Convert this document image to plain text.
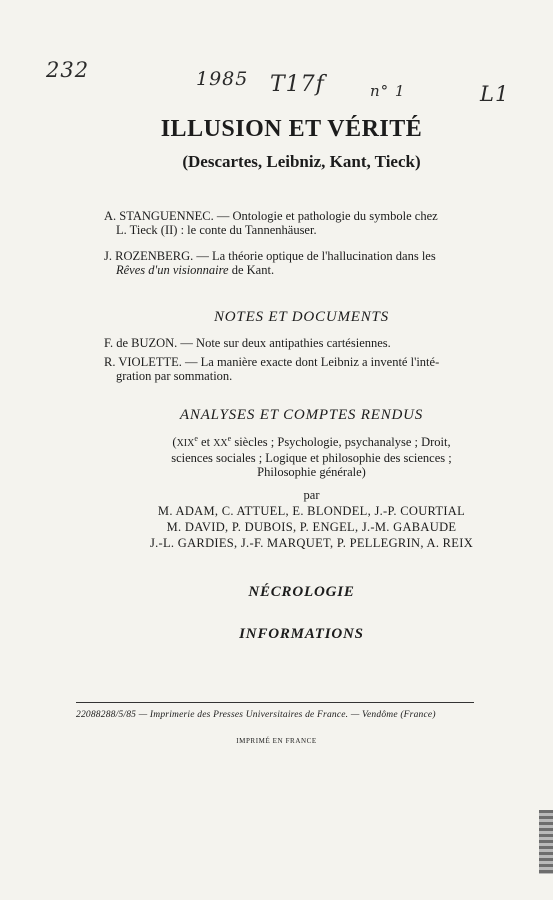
232	1985 T17f	n° 1	L1
ILLUSION ET VÉRITÉ
(Descartes, Leibniz, Kant, Tieck)
A. STANGUENNEC. — Ontologie et pathologie du symbole chez
L. Tieck (II) : le conte du Tannenhäuser.
J. ROZENBERG. — La théorie optique de l'hallucination dans les
Rêves d'un visionnaire de Kant.
NOTES ET DOCUMENTS
F. de BUZON. — Note sur deux antipathies cartésiennes.
R. VIOLETTE. — La manière exacte dont Leibniz a inventé l'inté-
gration par sommation.
ANALYSES ET COMPTES RENDUS
(XIXe et XXe siècles ; Psychologie, psychanalyse ; Droit,
sciences sociales ; Logique et philosophie des sciences ;
Philosophie générale)
par
M. ADAM, C. ATTUEL, E. BLONDEL, J.-P. COURTIAL
M. DAVID, P. DUBOIS, P. ENGEL, J.-M. GABAUDE
J.-L. GARDIES, J.-F. MARQUET, P. PELLEGRIN, A. REIX
NÉCROLOGIE
INFORMATIONS
22088288/5/85 — Imprimerie des Presses Universitaires de France. — Vendôme (France)
IMPRIMÉ EN FRANCE
